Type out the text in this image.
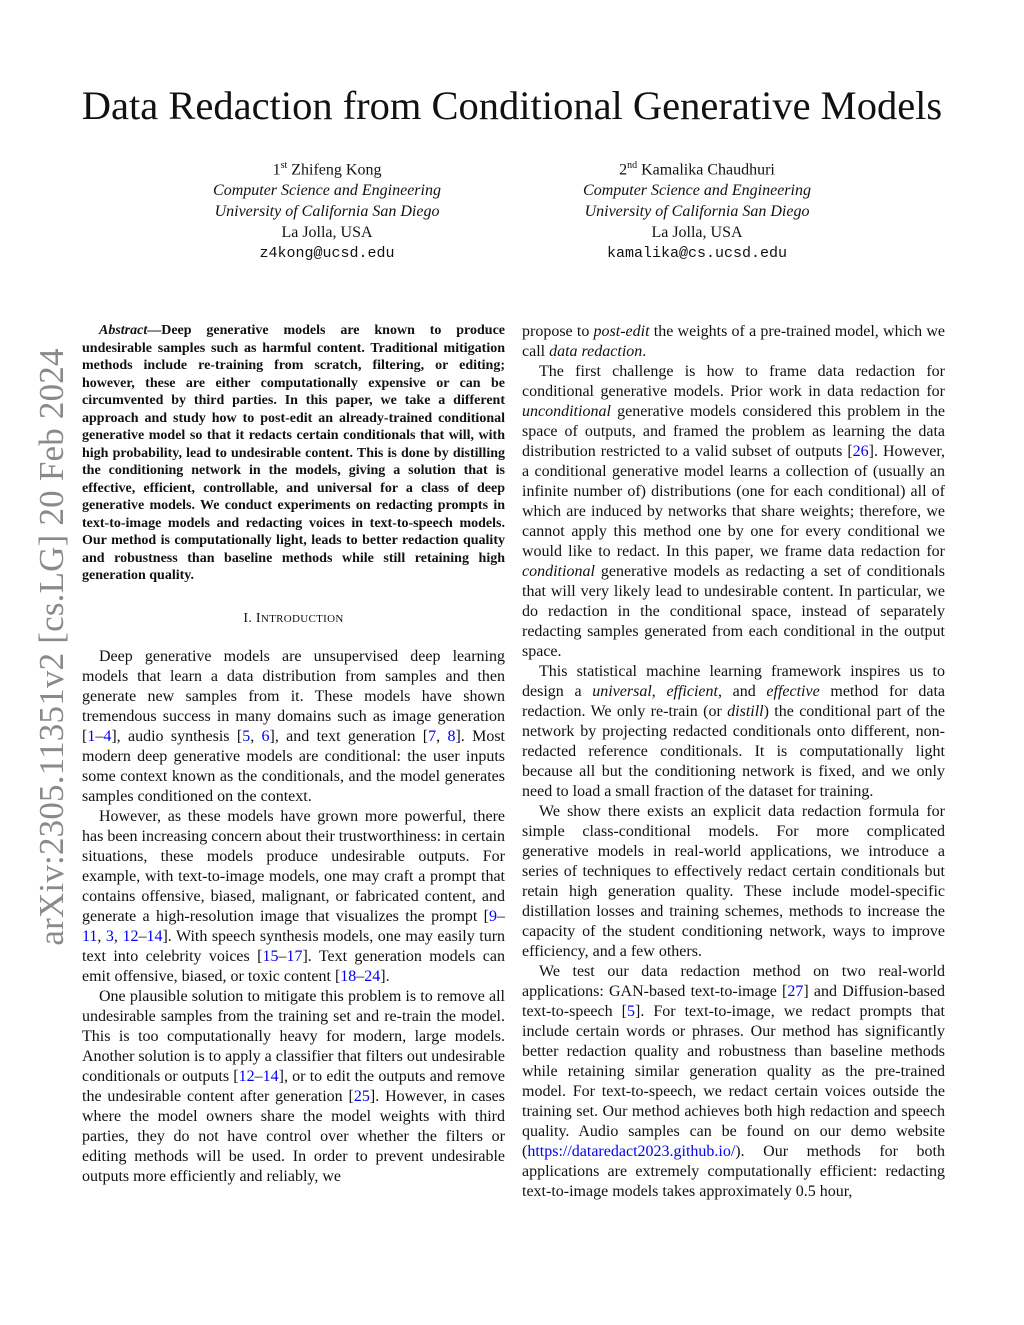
arXiv:2305.11351v2 [cs.LG] 20 Feb 2024
Data Redaction from Conditional Generative Models
1st Zhifeng Kong
Computer Science and Engineering
University of California San Diego
La Jolla, USA
z4kong@ucsd.edu
2nd Kamalika Chaudhuri
Computer Science and Engineering
University of California San Diego
La Jolla, USA
kamalika@cs.ucsd.edu

Abstract—Deep generative models are known to produce undesirable samples such as harmful content. Traditional mitigation methods include re-training from scratch, filtering, or editing; however, these are either computationally expensive or can be circumvented by third parties. In this paper, we take a different approach and study how to post-edit an already-trained conditional generative model so that it redacts certain conditionals that will, with high probability, lead to undesirable content. This is done by distilling the conditioning network in the models, giving a solution that is effective, efficient, controllable, and universal for a class of deep generative models. We conduct experiments on redacting prompts in text-to-image models and redacting voices in text-to-speech models. Our method is computationally light, leads to better redaction quality and robustness than baseline methods while still retaining high generation quality.

I. INTRODUCTION

Deep generative models are unsupervised deep learning models that learn a data distribution from samples and then generate new samples from it. These models have shown tremendous success in many domains such as image generation [1–4], audio synthesis [5, 6], and text generation [7, 8]. Most modern deep generative models are conditional: the user inputs some context known as the conditionals, and the model generates samples conditioned on the context.

However, as these models have grown more powerful, there has been increasing concern about their trustworthiness: in certain situations, these models produce undesirable outputs. For example, with text-to-image models, one may craft a prompt that contains offensive, biased, malignant, or fabricated content, and generate a high-resolution image that visualizes the prompt [9–11, 3, 12–14]. With speech synthesis models, one may easily turn text into celebrity voices [15–17]. Text generation models can emit offensive, biased, or toxic content [18–24].

One plausible solution to mitigate this problem is to remove all undesirable samples from the training set and re-train the model. This is too computationally heavy for modern, large models. Another solution is to apply a classifier that filters out undesirable conditionals or outputs [12–14], or to edit the outputs and remove the undesirable content after generation [25]. However, in cases where the model owners share the model weights with third parties, they do not have control over whether the filters or editing methods will be used. In order to prevent undesirable outputs more efficiently and reliably, we

propose to post-edit the weights of a pre-trained model, which we call data redaction.

The first challenge is how to frame data redaction for conditional generative models. Prior work in data redaction for unconditional generative models considered this problem in the space of outputs, and framed the problem as learning the data distribution restricted to a valid subset of outputs [26]. However, a conditional generative model learns a collection of (usually an infinite number of) distributions (one for each conditional) all of which are induced by networks that share weights; therefore, we cannot apply this method one by one for every conditional we would like to redact. In this paper, we frame data redaction for conditional generative models as redacting a set of conditionals that will very likely lead to undesirable content. In particular, we do redaction in the conditional space, instead of separately redacting samples generated from each conditional in the output space.

This statistical machine learning framework inspires us to design a universal, efficient, and effective method for data redaction. We only re-train (or distill) the conditional part of the network by projecting redacted conditionals onto different, non-redacted reference conditionals. It is computationally light because all but the conditioning network is fixed, and we only need to load a small fraction of the dataset for training.

We show there exists an explicit data redaction formula for simple class-conditional models. For more complicated generative models in real-world applications, we introduce a series of techniques to effectively redact certain conditionals but retain high generation quality. These include model-specific distillation losses and training schemes, methods to increase the capacity of the student conditioning network, ways to improve efficiency, and a few others.

We test our data redaction method on two real-world applications: GAN-based text-to-image [27] and Diffusion-based text-to-speech [5]. For text-to-image, we redact prompts that include certain words or phrases. Our method has significantly better redaction quality and robustness than baseline methods while retaining similar generation quality as the pre-trained model. For text-to-speech, we redact certain voices outside the training set. Our method achieves both high redaction and speech quality. Audio samples can be found on our demo website (https://dataredact2023.github.io/). Our methods for both applications are extremely computationally efficient: redacting text-to-image models takes approximately 0.5 hour,
